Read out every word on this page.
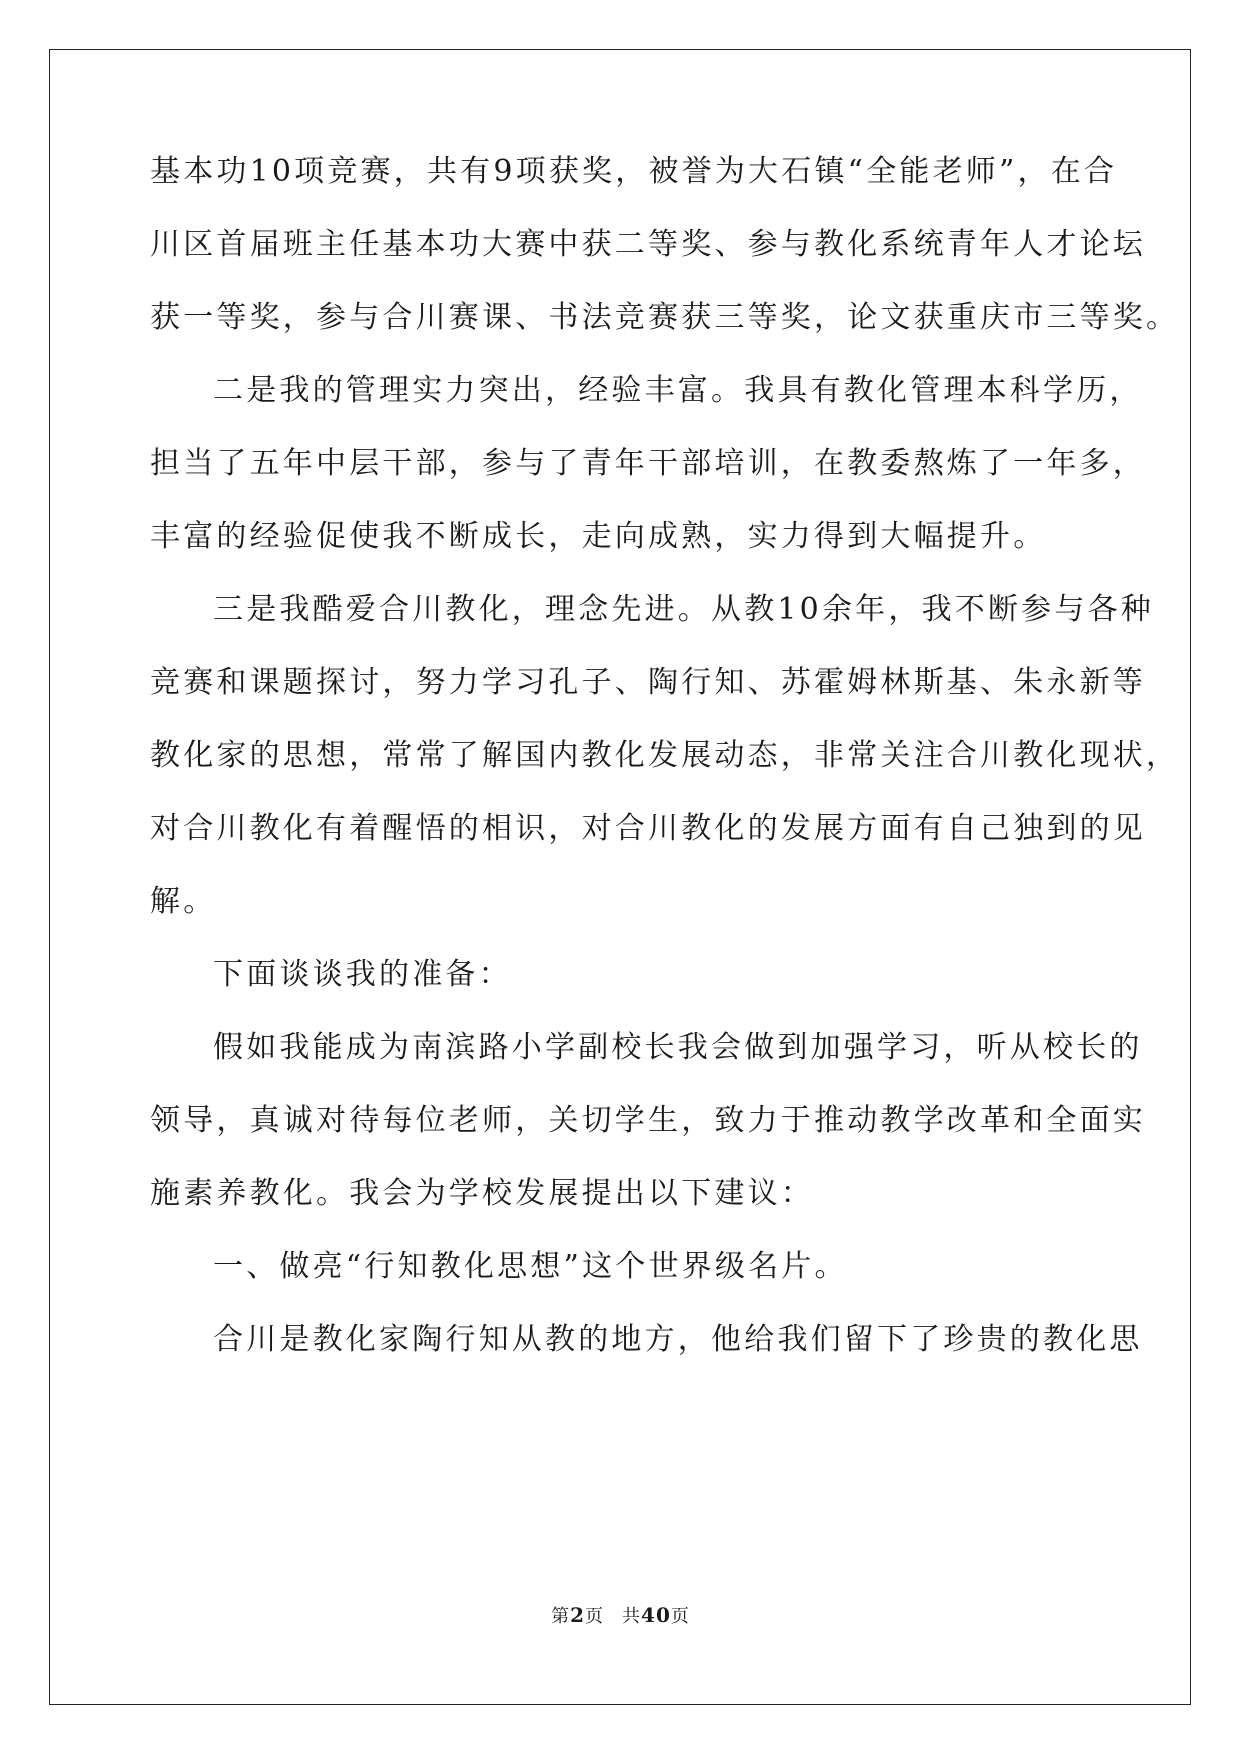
基本功10项竞赛，共有9项获奖，被誉为大石镇“全能老师”，在合
川区首届班主任基本功大赛中获二等奖、参与教化系统青年人才论坛
获一等奖，参与合川赛课、书法竞赛获三等奖，论文获重庆市三等奖。
二是我的管理实力突出，经验丰富。我具有教化管理本科学历，
担当了五年中层干部，参与了青年干部培训，在教委熬炼了一年多，
丰富的经验促使我不断成长，走向成熟，实力得到大幅提升。
三是我酷爱合川教化，理念先进。从教10余年，我不断参与各种
竞赛和课题探讨，努力学习孔子、陶行知、苏霍姆林斯基、朱永新等
教化家的思想，常常了解国内教化发展动态，非常关注合川教化现状，
对合川教化有着醒悟的相识，对合川教化的发展方面有自己独到的见
解。
下面谈谈我的准备：
假如我能成为南滨路小学副校长我会做到加强学习，听从校长的
领导，真诚对待每位老师，关切学生，致力于推动教学改革和全面实
施素养教化。我会为学校发展提出以下建议：
一、做亮“行知教化思想”这个世界级名片。
合川是教化家陶行知从教的地方，他给我们留下了珍贵的教化思
第2页 共40页
